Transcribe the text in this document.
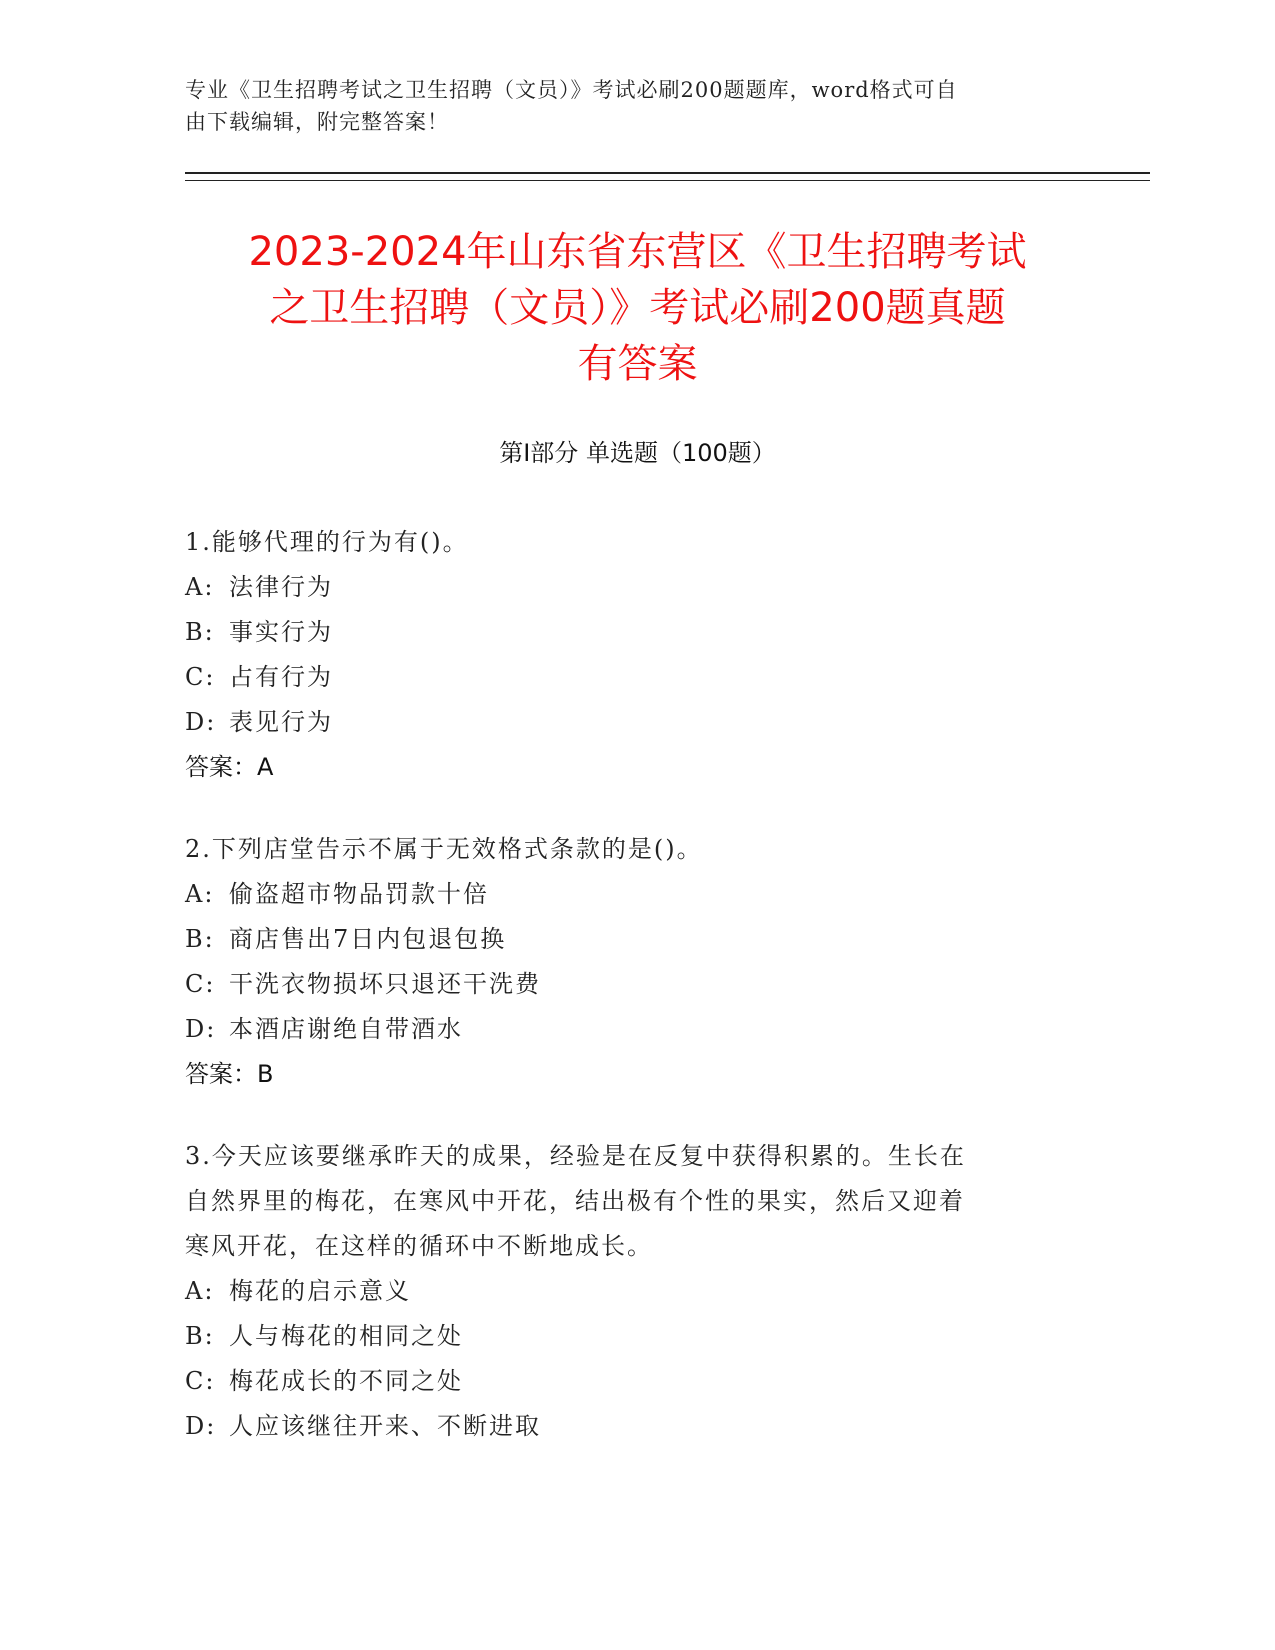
专业《卫生招聘考试之卫生招聘（文员）》考试必刷200题题库，word格式可自
由下载编辑，附完整答案！
2023-2024年山东省东营区《卫生招聘考试
之卫生招聘（文员）》考试必刷200题真题
有答案
第I部分 单选题（100题）

1.能够代理的行为有()。

A: 法律行为

B: 事实行为

C: 占有行为

D: 表见行为

答案：A

2.下列店堂告示不属于无效格式条款的是()。

A: 偷盗超市物品罚款十倍

B: 商店售出7日内包退包换

C: 干洗衣物损坏只退还干洗费

D: 本酒店谢绝自带酒水

答案：B

3.今天应该要继承昨天的成果，经验是在反复中获得积累的。生长在

自然界里的梅花，在寒风中开花，结出极有个性的果实，然后又迎着

寒风开花，在这样的循环中不断地成长。

A: 梅花的启示意义

B: 人与梅花的相同之处

C: 梅花成长的不同之处

D: 人应该继往开来、不断进取
